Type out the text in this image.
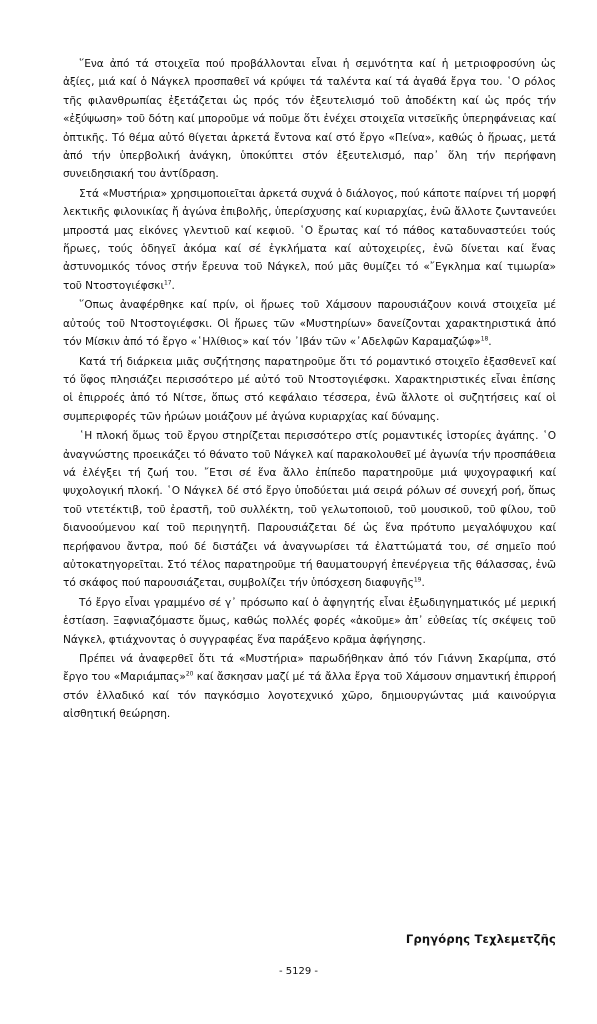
῞Ενα ἀπό τά στοιχεῖα πού προβάλλονται εἶναι ἡ σεμνότητα καί ἡ μετριοφροσύνη ὡς ἀξίες, μιά καί ὁ Νάγκελ προσπαθεῖ νά κρύψει τά ταλέντα καί τά ἀγαθά ἔργα του. ῾Ο ρόλος τῆς φιλανθρωπίας ἐξετάζεται ὡς πρός τόν ἐξευτελισμό τοῦ ἀποδέκτη καί ὡς πρός τήν «ἐξύψωση» τοῦ δότη καί μποροῦμε νά ποῦμε ὅτι ἐνέχει στοιχεῖα νιτσεϊκῆς ὑπερηφάνειας καί ὀπτικῆς. Τό θέμα αὐτό θίγεται ἀρκετά ἔντονα καί στό ἔργο «Πείνα», καθώς ὁ ἥρωας, μετά ἀπό τήν ὑπερβολική ἀνάγκη, ὑποκύπτει στόν ἐξευτελισμό, παρ᾽ ὅλη τήν περήφανη συνειδησιακή του ἀντίδραση.

Στά «Μυστήρια» χρησιμοποιεῖται ἀρκετά συχνά ὁ διάλογος, πού κάποτε παίρνει τή μορφή λεκτικῆς φιλονικίας ἤ ἀγώνα ἐπιβολῆς, ὑπερίσχυσης καί κυριαρχίας, ἐνῶ ἄλλοτε ζωντανεύει μπροστά μας εἰκόνες γλεντιοῦ καί κεφιοῦ. ῾Ο ἔρωτας καί τό πάθος καταδυναστεύει τούς ἥρωες, τούς ὁδηγεῖ ἀκόμα καί σέ ἐγκλήματα καί αὐτοχειρίες, ἐνῶ δίνεται καί ἕνας ἀστυνομικός τόνος στήν ἔρευνα τοῦ Νάγκελ, πού μᾶς θυμίζει τό «῎Εγκλημα καί τιμωρία» τοῦ Ντοστογιέφσκι$^{17}$.

῞Οπως ἀναφέρθηκε καί πρίν, οἱ ἥρωες τοῦ Χάμσουν παρουσιάζουν κοινά στοιχεῖα μέ αὐτούς τοῦ Ντοστογιέφσκι. Οἱ ἥρωες τῶν «Μυστηρίων» δανείζονται χαρακτηριστικά ἀπό τόν Μίσκιν ἀπό τό ἔργο «῾Ηλίθιος» καί τόν ᾿Ιβάν τῶν «᾿Αδελφῶν Καραμαζώφ»$^{18}$.

Κατά τή διάρκεια μιᾶς συζήτησης παρατηροῦμε ὅτι τό ρομαντικό στοιχεῖο ἐξασθενεῖ καί τό ὕφος πλησιάζει περισσότερο μέ αὐτό τοῦ Ντοστογιέφσκι. Χαρακτηριστικές εἶναι ἐπίσης οἱ ἐπιρροές ἀπό τό Νίτσε, ὅπως στό κεφάλαιο τέσσερα, ἐνῶ ἄλλοτε οἱ συζητήσεις καί οἱ συμπεριφορές τῶν ἡρώων μοιάζουν μέ ἀγώνα κυριαρχίας καί δύναμης.

῾Η πλοκή ὅμως τοῦ ἔργου στηρίζεται περισσότερο στίς ρομαντικές ἱστορίες ἀγάπης. ῾Ο ἀναγνώστης προεικάζει τό θάνατο τοῦ Νάγκελ καί παρακολουθεῖ μέ ἀγωνία τήν προσπάθεια νά ἐλέγξει τή ζωή του. ῎Ετσι σέ ἕνα ἄλλο ἐπίπεδο παρατηροῦμε μιά ψυχογραφική καί ψυχολογική πλοκή. ῾Ο Νάγκελ δέ στό ἔργο ὑποδύεται μιά σειρά ρόλων σέ συνεχή ροή, ὅπως τοῦ ντετέκτιβ, τοῦ ἐραστῆ, τοῦ συλλέκτη, τοῦ γελωτοποιοῦ, τοῦ μουσικοῦ, τοῦ φίλου, τοῦ διανοούμενου καί τοῦ περιηγητῆ. Παρουσιάζεται δέ ὡς ἕνα πρότυπο μεγαλόψυχου καί περήφανου ἄντρα, πού δέ διστάζει νά ἀναγνωρίσει τά ἐλαττώματά του, σέ σημεῖο πού αὐτοκατηγορεῖται. Στό τέλος παρατηροῦμε τή θαυματουργή ἐπενέργεια τῆς θάλασσας, ἐνῶ τό σκάφος πού παρουσιάζεται, συμβολίζει τήν ὑπόσχεση διαφυγῆς$^{19}$.

Τό ἔργο εἶναι γραμμένο σέ γ᾽ πρόσωπο καί ὁ ἀφηγητής εἶναι ἐξωδιηγηματικός μέ μερική ἑστίαση. Ξαφνιαζόμαστε ὅμως, καθώς πολλές φορές «ἀκοῦμε» ἀπ᾽ εὐθείας τίς σκέψεις τοῦ Νάγκελ, φτιάχνοντας ὁ συγγραφέας ἕνα παράξενο κρᾶμα ἀφήγησης.

Πρέπει νά ἀναφερθεῖ ὅτι τά «Μυστήρια» παρωδήθηκαν ἀπό τόν Γιάννη Σκαρίμπα, στό ἔργο του «Μαριάμπας»$^{20}$ καί ἄσκησαν μαζί μέ τά ἄλλα ἔργα τοῦ Χάμσουν σημαντική ἐπιρροή στόν ἑλλαδικό καί τόν παγκόσμιο λογοτεχνικό χῶρο, δημιουργώντας μιά καινούργια αἰσθητική θεώρηση.

Γρηγόρης Τεχλεμετζῆς
- 5129 -
